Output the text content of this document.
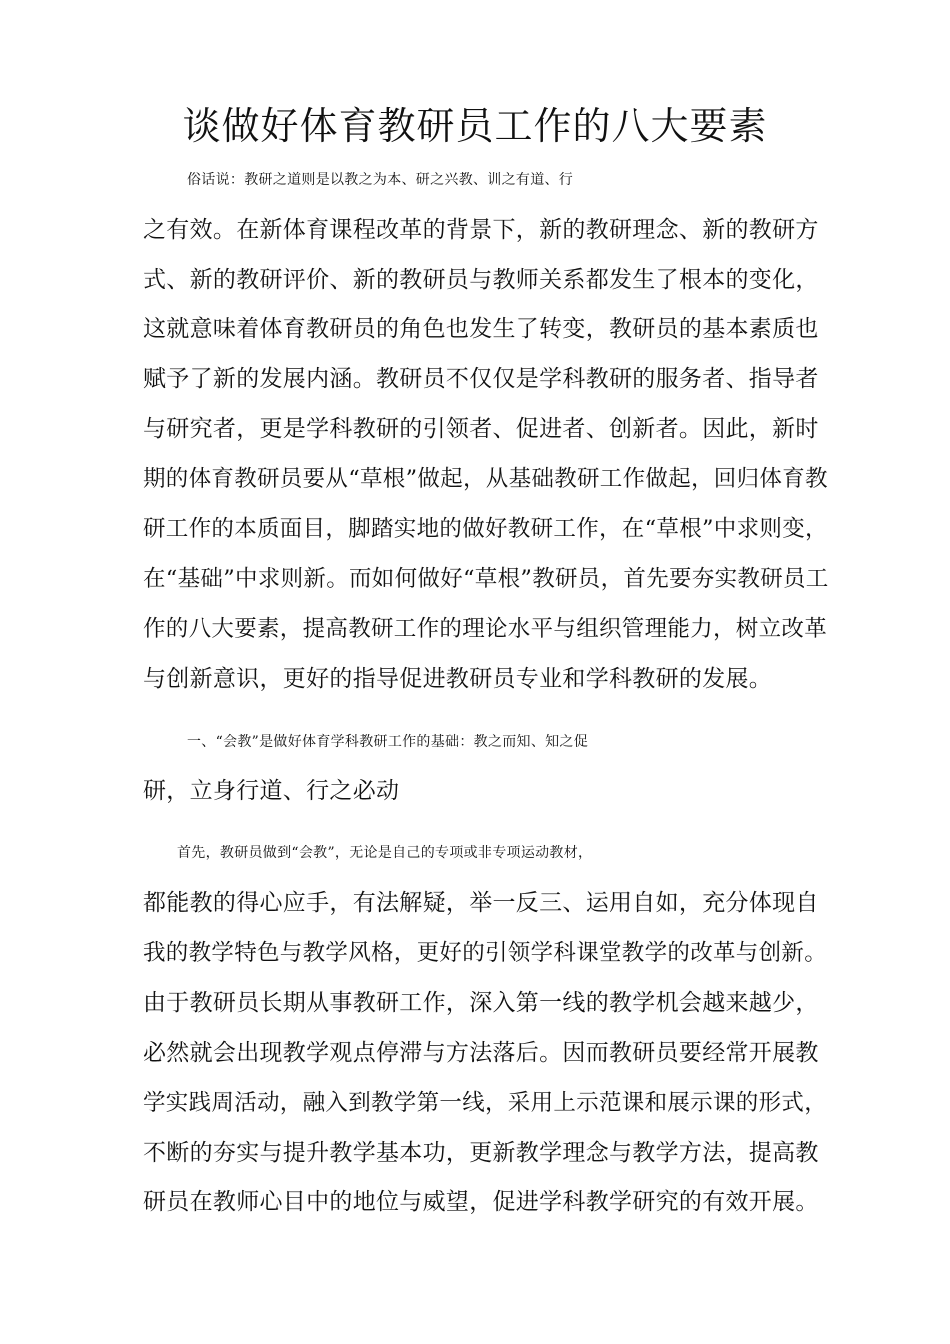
谈做好体育教研员工作的八大要素

俗话说：教研之道则是以教之为本、研之兴教、训之有道、行

之有效。在新体育课程改革的背景下，新的教研理念、新的教研方

式、新的教研评价、新的教研员与教师关系都发生了根本的变化，

这就意味着体育教研员的角色也发生了转变，教研员的基本素质也

赋予了新的发展内涵。教研员不仅仅是学科教研的服务者、指导者

与研究者，更是学科教研的引领者、促进者、创新者。因此，新时

期的体育教研员要从“草根”做起，从基础教研工作做起，回归体育教

研工作的本质面目，脚踏实地的做好教研工作，在“草根”中求则变，

在“基础”中求则新。而如何做好“草根”教研员，首先要夯实教研员工

作的八大要素，提高教研工作的理论水平与组织管理能力，树立改革

与创新意识，更好的指导促进教研员专业和学科教研的发展。

一、“会教”是做好体育学科教研工作的基础：教之而知、知之促

研，立身行道、行之必动

首先，教研员做到“会教”，无论是自己的专项或非专项运动教材，

都能教的得心应手，有法解疑，举一反三、运用自如，充分体现自

我的教学特色与教学风格，更好的引领学科课堂教学的改革与创新。

由于教研员长期从事教研工作，深入第一线的教学机会越来越少，

必然就会出现教学观点停滞与方法落后。因而教研员要经常开展教

学实践周活动，融入到教学第一线，采用上示范课和展示课的形式，

不断的夯实与提升教学基本功，更新教学理念与教学方法，提高教

研员在教师心目中的地位与威望，促进学科教学研究的有效开展。
